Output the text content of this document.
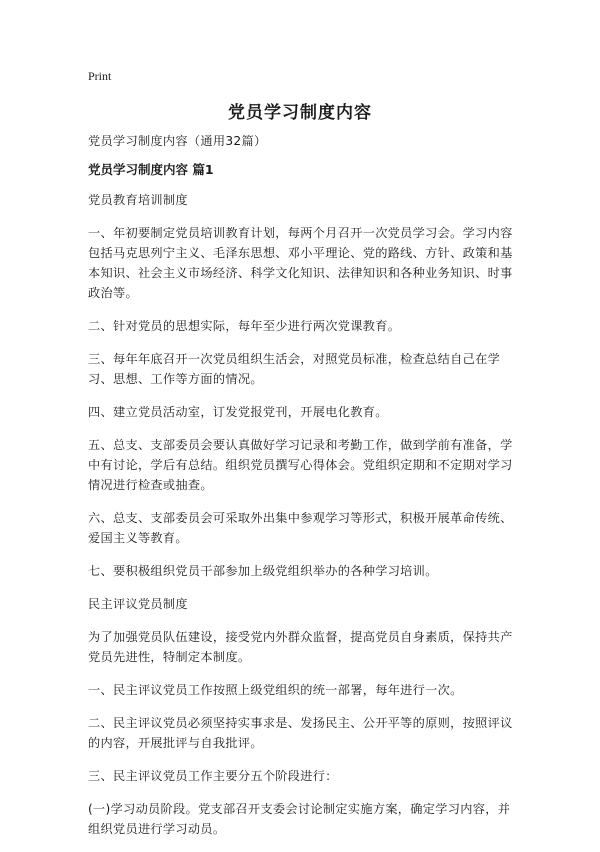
Print
党员学习制度内容

党员学习制度内容（通用32篇）

党员学习制度内容 篇1

党员教育培训制度

一、年初要制定党员培训教育计划，每两个月召开一次党员学习会。学习内容包括马克思列宁主义、毛泽东思想、邓小平理论、党的路线、方针、政策和基本知识、社会主义市场经济、科学文化知识、法律知识和各种业务知识、时事政治等。

二、针对党员的思想实际，每年至少进行两次党课教育。

三、每年年底召开一次党员组织生活会，对照党员标准，检查总结自己在学习、思想、工作等方面的情况。

四、建立党员活动室，订发党报党刊，开展电化教育。

五、总支、支部委员会要认真做好学习记录和考勤工作，做到学前有准备，学中有讨论，学后有总结。组织党员撰写心得体会。党组织定期和不定期对学习情况进行检查或抽查。

六、总支、支部委员会可采取外出集中参观学习等形式，积极开展革命传统、爱国主义等教育。

七、要积极组织党员干部参加上级党组织举办的各种学习培训。

民主评议党员制度

为了加强党员队伍建设，接受党内外群众监督，提高党员自身素质，保持共产党员先进性，特制定本制度。

一、民主评议党员工作按照上级党组织的统一部署，每年进行一次。

二、民主评议党员必须坚持实事求是、发扬民主、公开平等的原则，按照评议的内容，开展批评与自我批评。

三、民主评议党员工作主要分五个阶段进行：

(一)学习动员阶段。党支部召开支委会讨论制定实施方案，确定学习内容，并组织党员进行学习动员。
